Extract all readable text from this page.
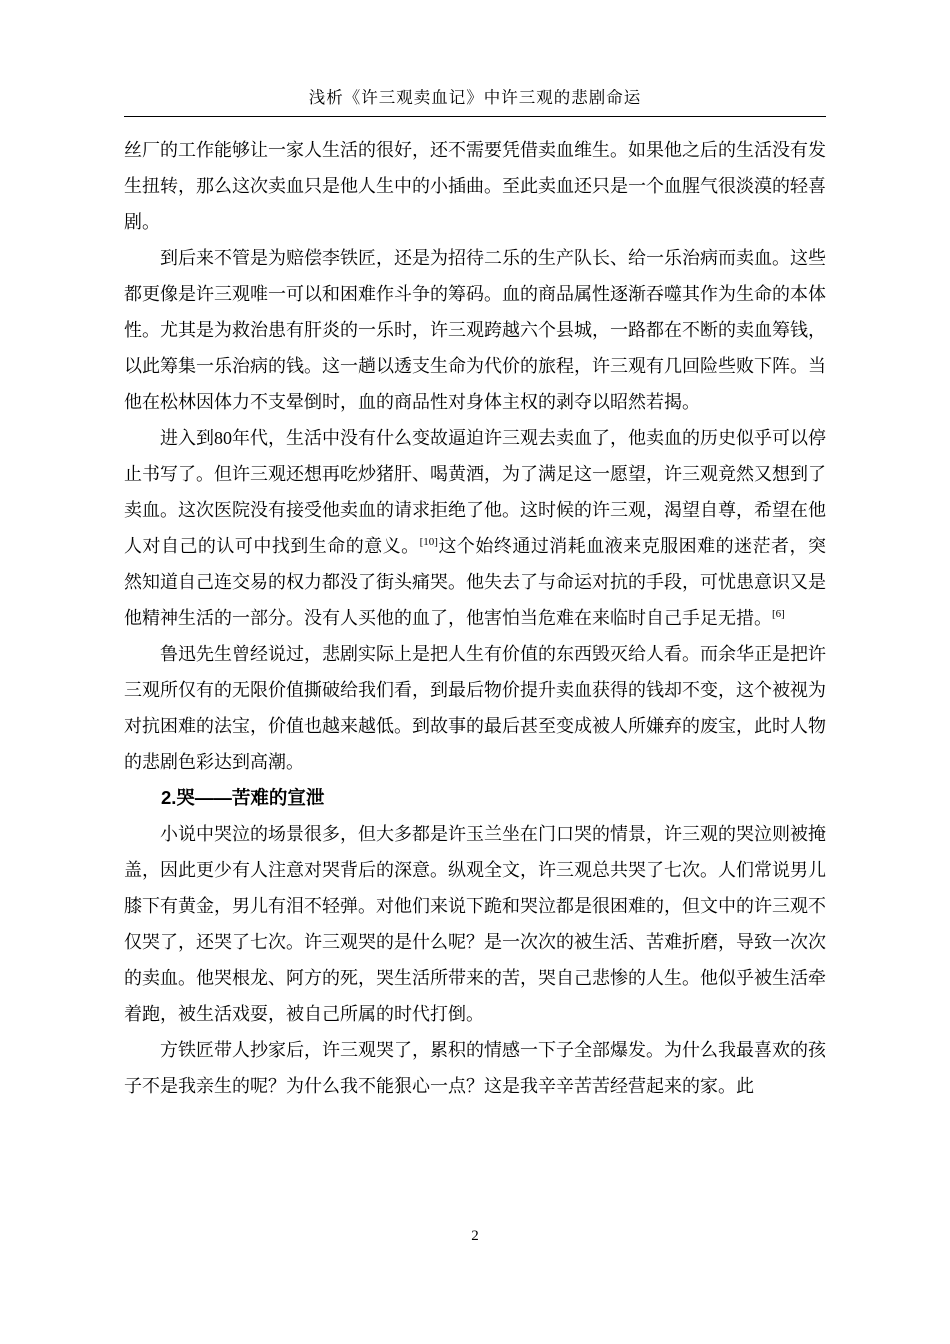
浅析《许三观卖血记》中许三观的悲剧命运

丝厂的工作能够让一家人生活的很好，还不需要凭借卖血维生。如果他之后的生活没有发生扭转，那么这次卖血只是他人生中的小插曲。至此卖血还只是一个血腥气很淡漠的轻喜剧。

到后来不管是为赔偿李铁匠，还是为招待二乐的生产队长、给一乐治病而卖血。这些都更像是许三观唯一可以和困难作斗争的筹码。血的商品属性逐渐吞噬其作为生命的本体性。尤其是为救治患有肝炎的一乐时，许三观跨越六个县城，一路都在不断的卖血筹钱，以此筹集一乐治病的钱。这一趟以透支生命为代价的旅程，许三观有几回险些败下阵。当他在松林因体力不支晕倒时，血的商品性对身体主权的剥夺以昭然若揭。

进入到80年代，生活中没有什么变故逼迫许三观去卖血了，他卖血的历史似乎可以停止书写了。但许三观还想再吃炒猪肝、喝黄酒，为了满足这一愿望，许三观竟然又想到了卖血。这次医院没有接受他卖血的请求拒绝了他。这时候的许三观，渴望自尊，希望在他人对自己的认可中找到生命的意义。[10]这个始终通过消耗血液来克服困难的迷茫者，突然知道自己连交易的权力都没了街头痛哭。他失去了与命运对抗的手段，可忧患意识又是他精神生活的一部分。没有人买他的血了，他害怕当危难在来临时自己手足无措。[6]

鲁迅先生曾经说过，悲剧实际上是把人生有价值的东西毁灭给人看。而余华正是把许三观所仅有的无限价值撕破给我们看，到最后物价提升卖血获得的钱却不变，这个被视为对抗困难的法宝，价值也越来越低。到故事的最后甚至变成被人所嫌弃的废宝，此时人物的悲剧色彩达到高潮。

2.哭——苦难的宣泄

小说中哭泣的场景很多，但大多都是许玉兰坐在门口哭的情景，许三观的哭泣则被掩盖，因此更少有人注意对哭背后的深意。纵观全文，许三观总共哭了七次。人们常说男儿膝下有黄金，男儿有泪不轻弹。对他们来说下跪和哭泣都是很困难的，但文中的许三观不仅哭了，还哭了七次。许三观哭的是什么呢？是一次次的被生活、苦难折磨，导致一次次的卖血。他哭根龙、阿方的死，哭生活所带来的苦，哭自己悲惨的人生。他似乎被生活牵着跑，被生活戏耍，被自己所属的时代打倒。

方铁匠带人抄家后，许三观哭了，累积的情感一下子全部爆发。为什么我最喜欢的孩子不是我亲生的呢？为什么我不能狠心一点？这是我辛辛苦苦经营起来的家。此

2
